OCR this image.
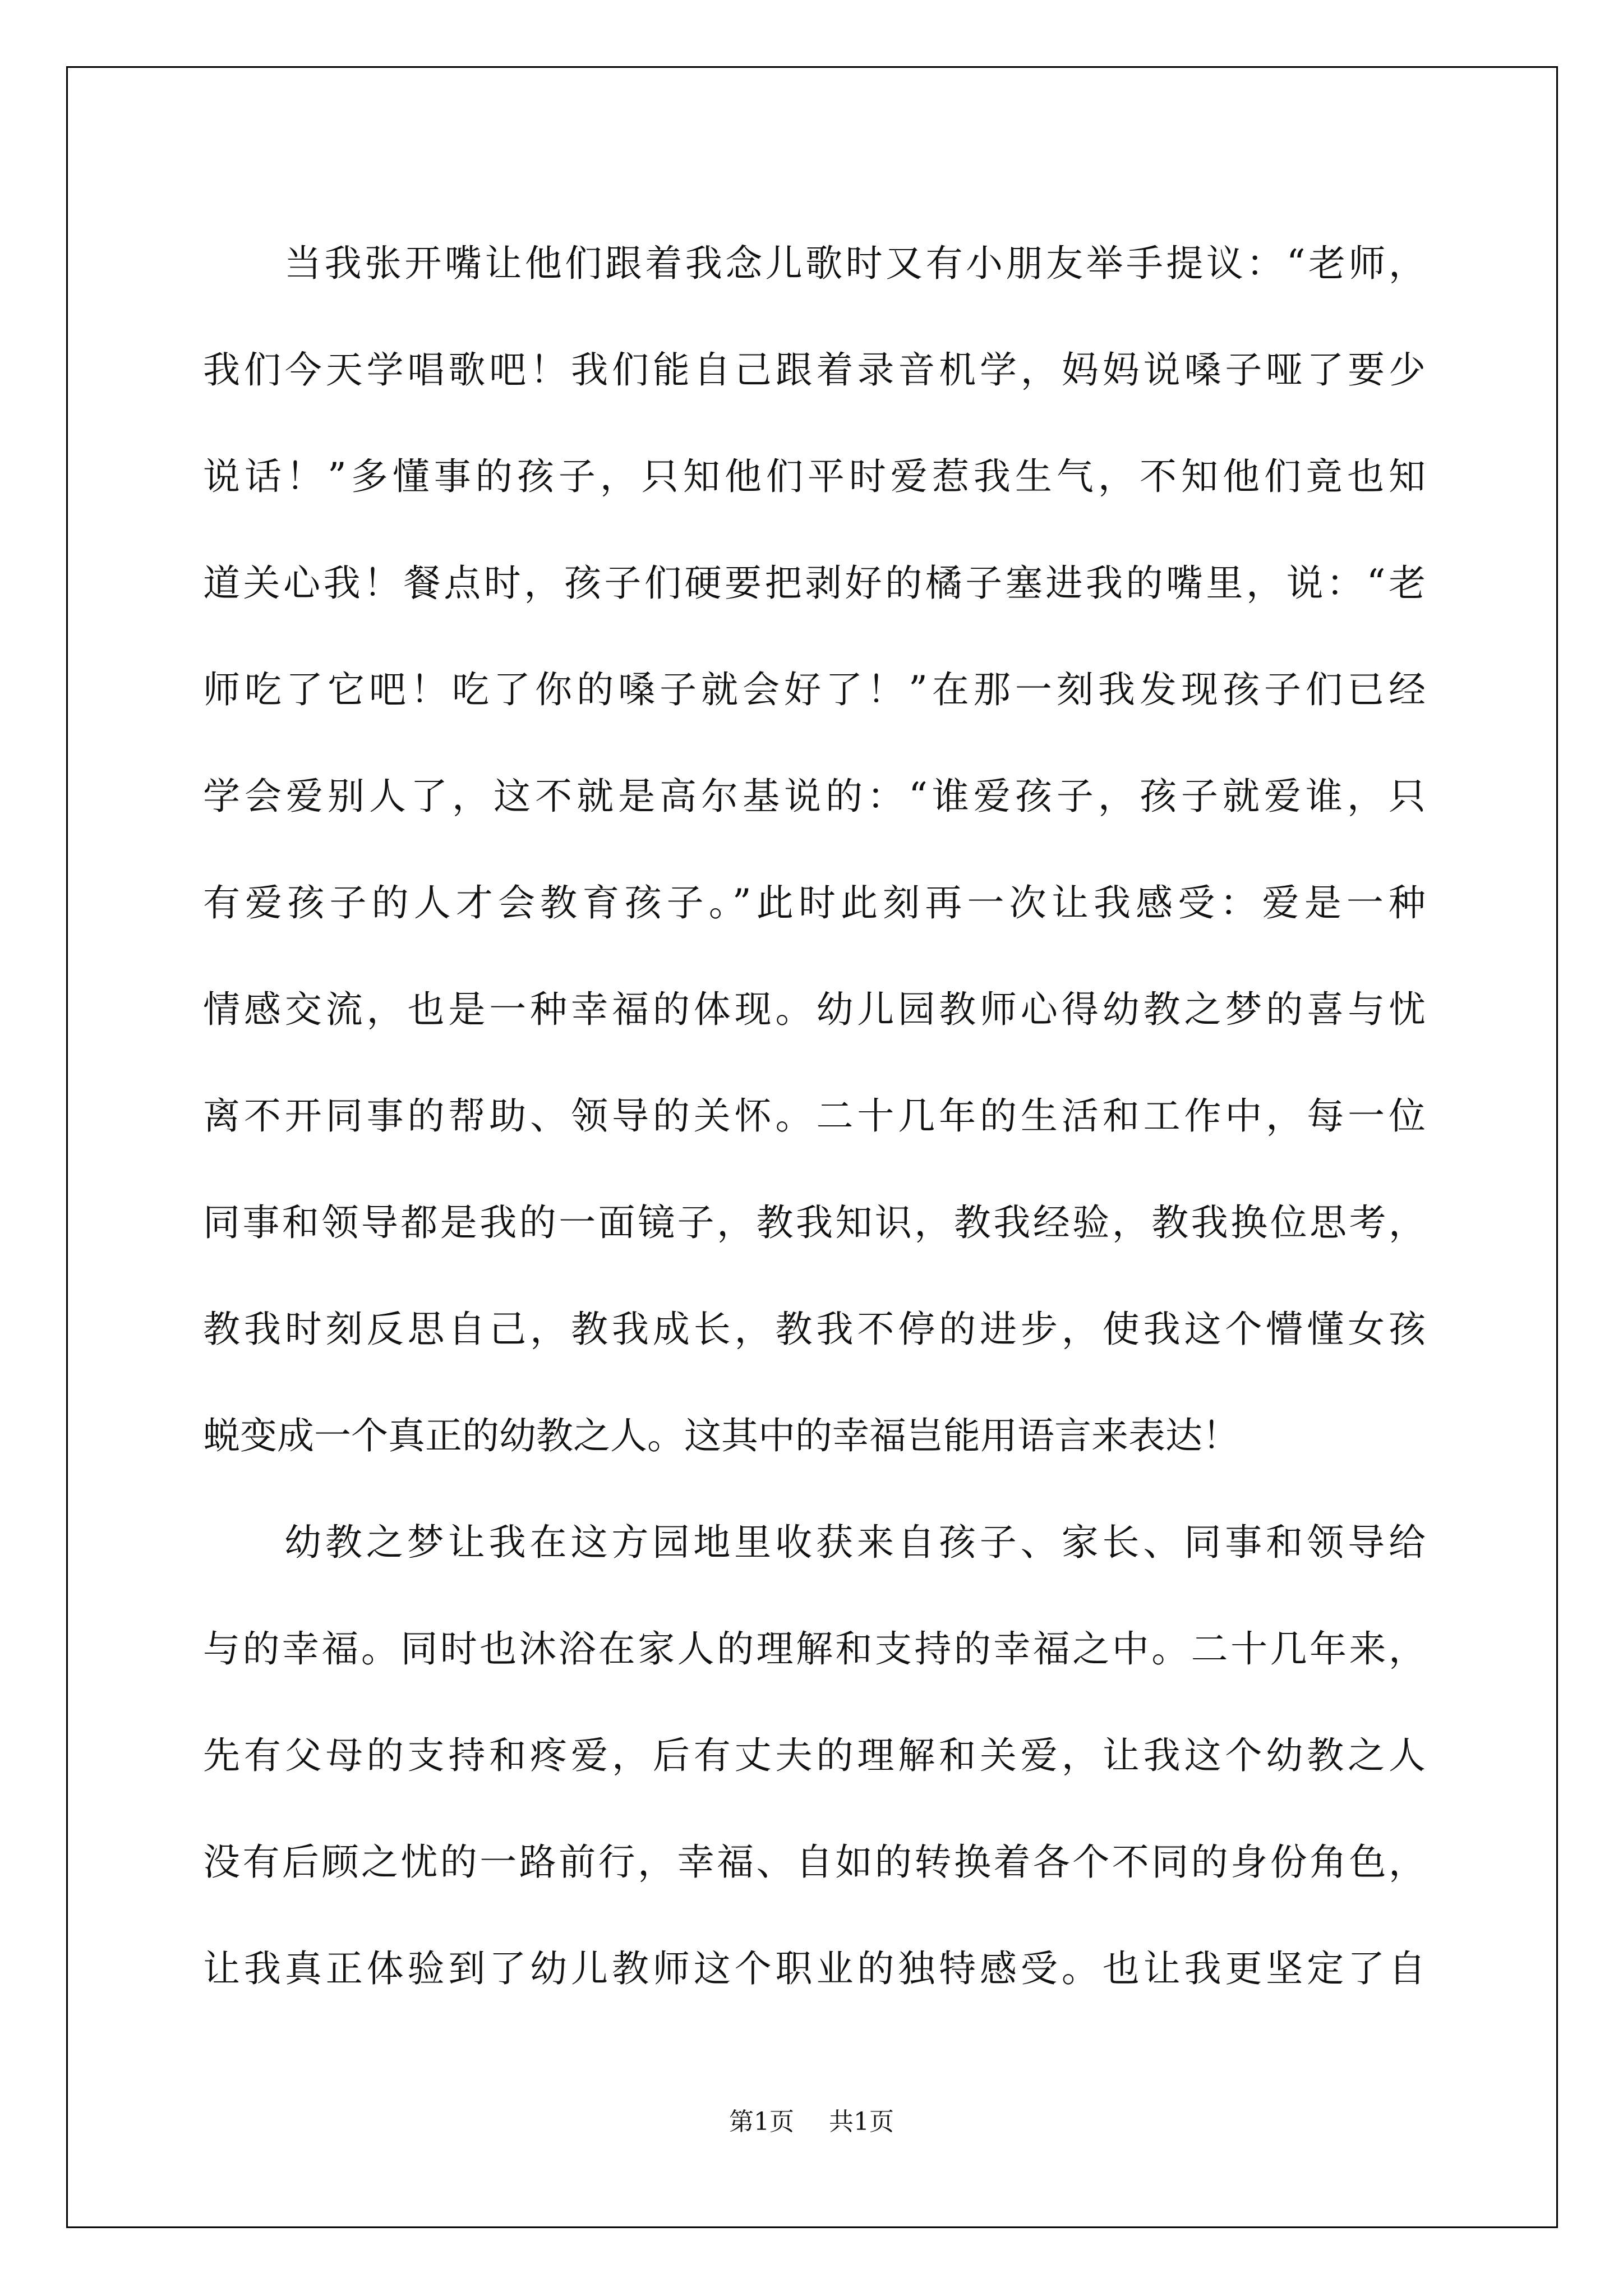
当我张开嘴让他们跟着我念儿歌时又有小朋友举手提议：“老师，
我们今天学唱歌吧！我们能自己跟着录音机学，妈妈说嗓子哑了要少
说话！”多懂事的孩子，只知他们平时爱惹我生气，不知他们竟也知
道关心我！餐点时，孩子们硬要把剥好的橘子塞进我的嘴里，说：“老
师吃了它吧！吃了你的嗓子就会好了！”在那一刻我发现孩子们已经
学会爱别人了，这不就是高尔基说的：“谁爱孩子，孩子就爱谁，只
有爱孩子的人才会教育孩子。”此时此刻再一次让我感受：爱是一种
情感交流，也是一种幸福的体现。幼儿园教师心得幼教之梦的喜与忧
离不开同事的帮助、领导的关怀。二十几年的生活和工作中，每一位
同事和领导都是我的一面镜子，教我知识，教我经验，教我换位思考，
教我时刻反思自己，教我成长，教我不停的进步，使我这个懵懂女孩
蜕变成一个真正的幼教之人。这其中的幸福岂能用语言来表达！
幼教之梦让我在这方园地里收获来自孩子、家长、同事和领导给
与的幸福。同时也沐浴在家人的理解和支持的幸福之中。二十几年来，
先有父母的支持和疼爱，后有丈夫的理解和关爱，让我这个幼教之人
没有后顾之忧的一路前行，幸福、自如的转换着各个不同的身份角色，
让我真正体验到了幼儿教师这个职业的独特感受。也让我更坚定了自
第1页 共1页
